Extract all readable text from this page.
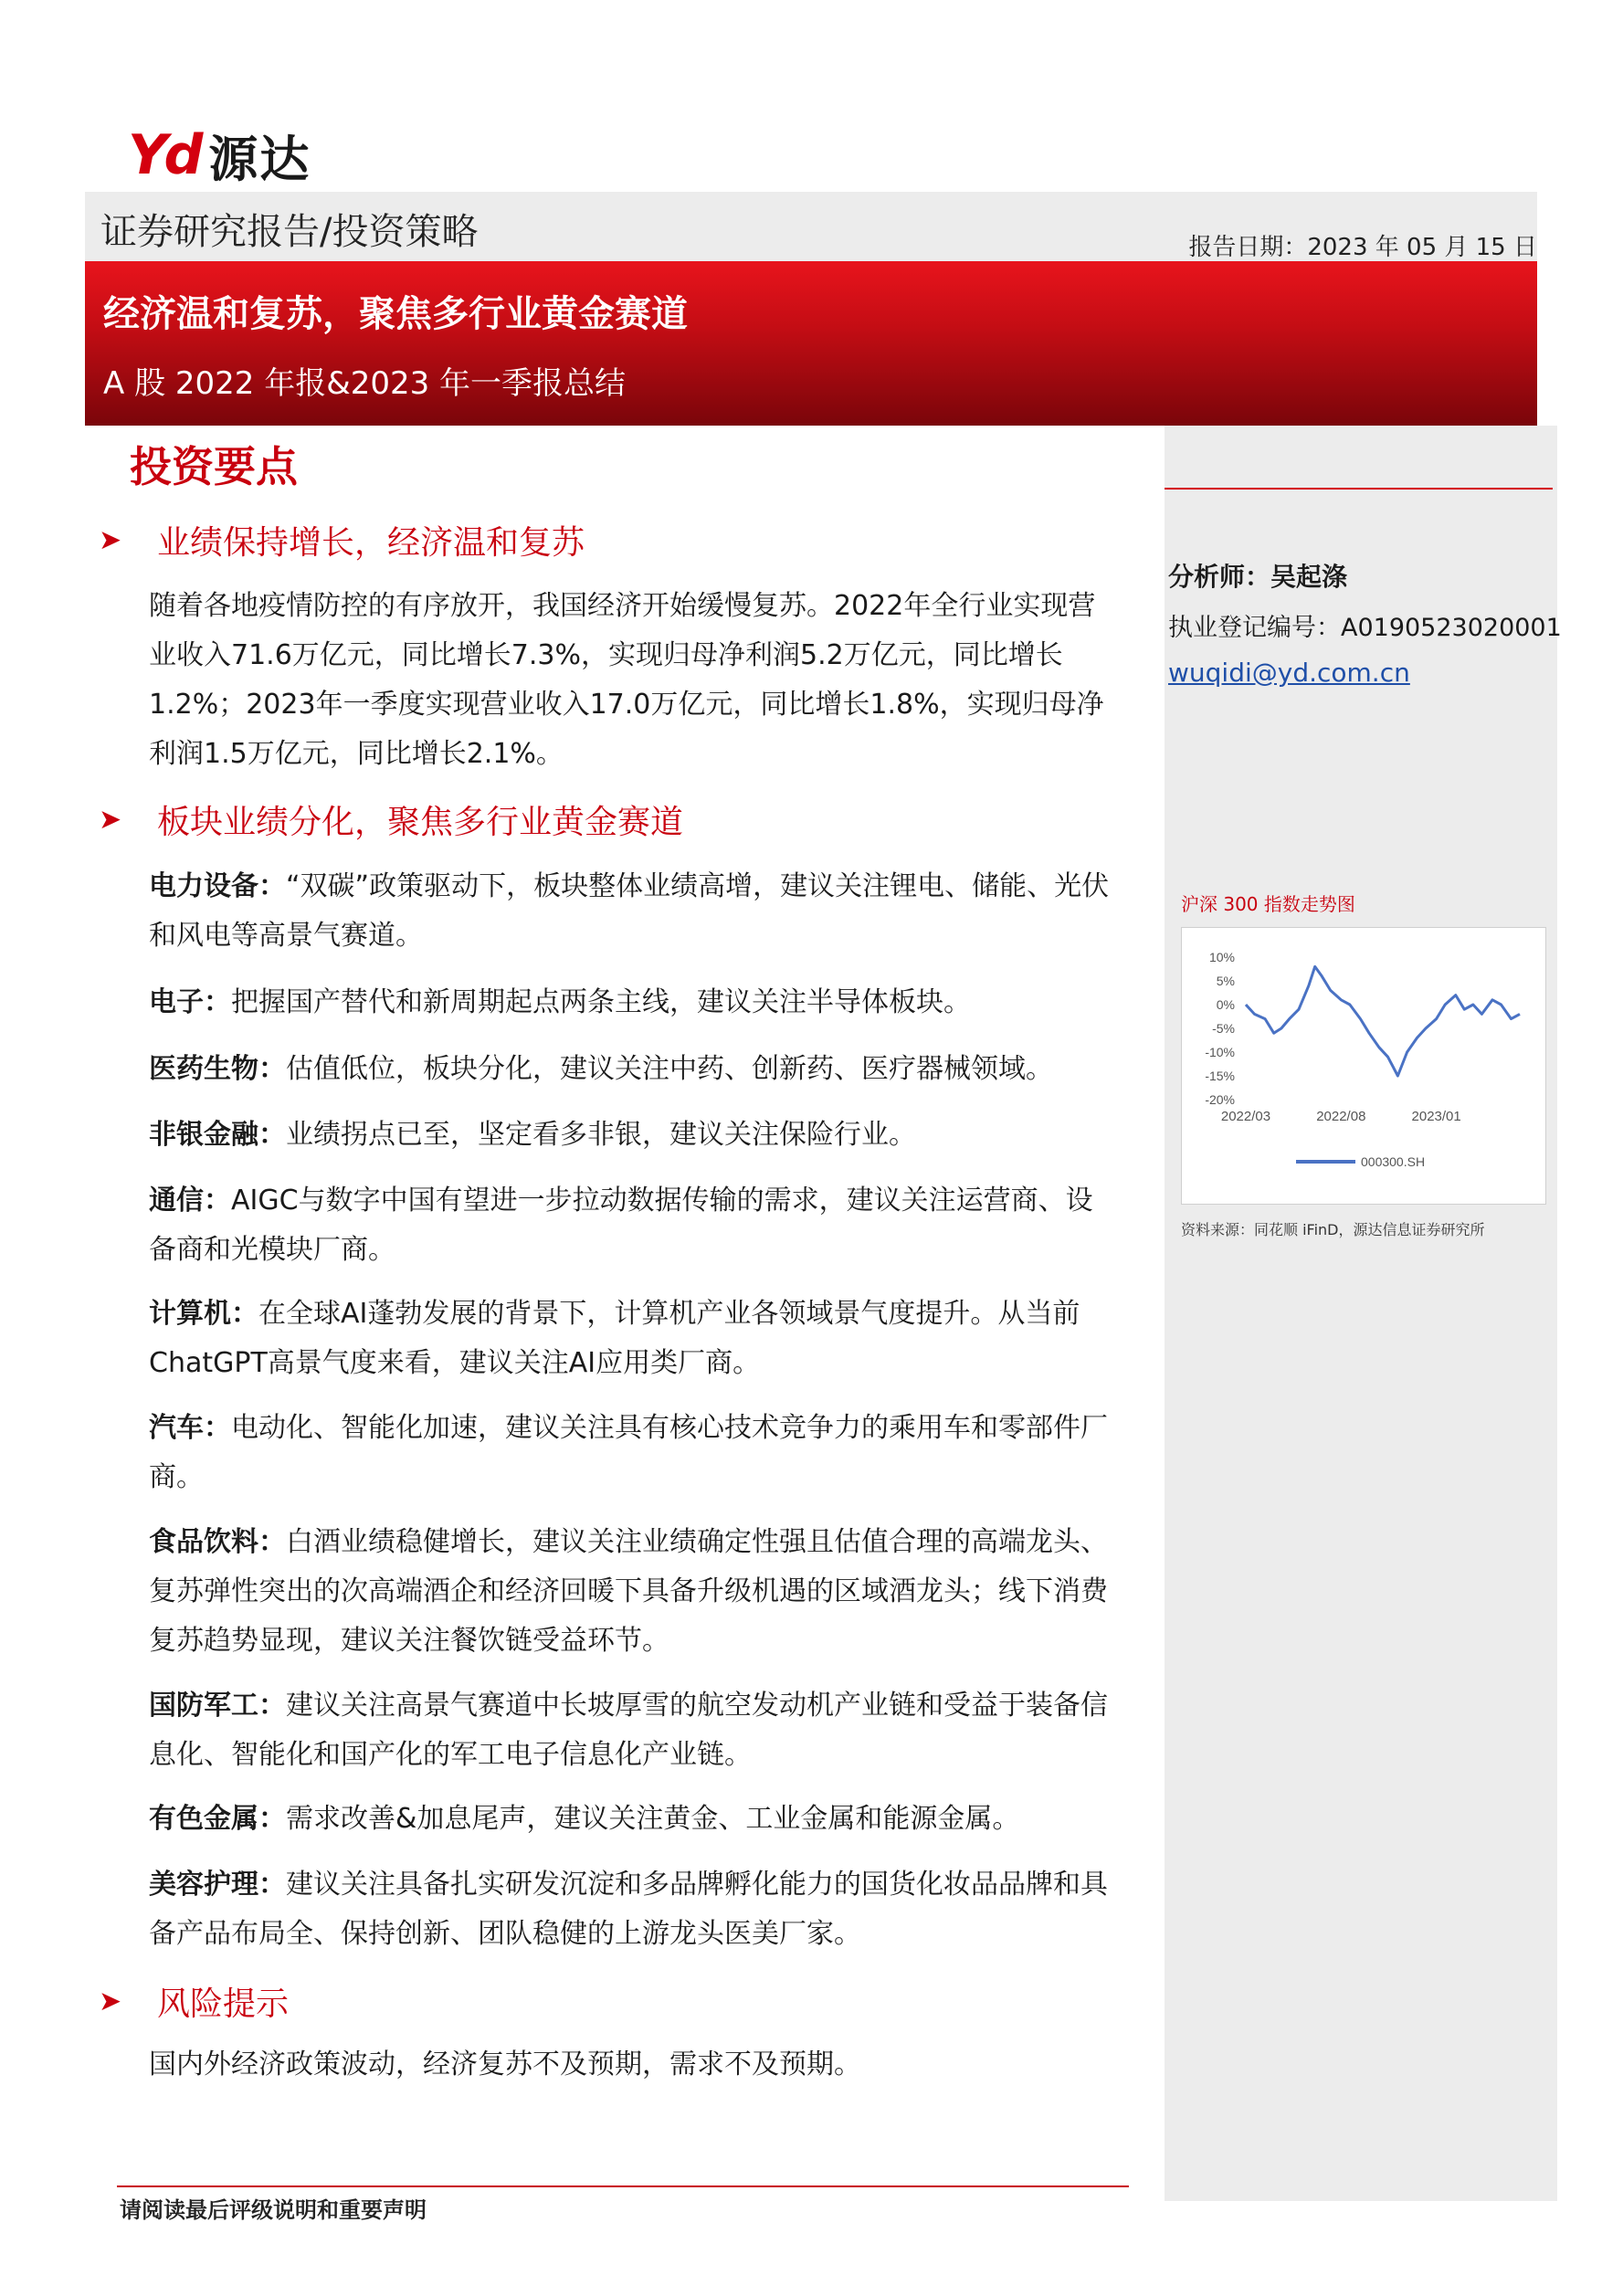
Yd 源达
证券研究报告/投资策略	报告日期：2023 年 05 月 15 日
经济温和复苏，聚焦多行业黄金赛道
A 股 2022 年报&2023 年一季报总结
投资要点
➤ 业绩保持增长，经济温和复苏
随着各地疫情防控的有序放开，我国经济开始缓慢复苏。2022年全行业实现营业收入71.6万亿元，同比增长7.3%，实现归母净利润5.2万亿元，同比增长1.2%；2023年一季度实现营业收入17.0万亿元，同比增长1.8%，实现归母净利润1.5万亿元，同比增长2.1%。
➤ 板块业绩分化，聚焦多行业黄金赛道
电力设备：“双碳”政策驱动下，板块整体业绩高增，建议关注锂电、储能、光伏和风电等高景气赛道。
电子：把握国产替代和新周期起点两条主线，建议关注半导体板块。
医药生物：估值低位，板块分化，建议关注中药、创新药、医疗器械领域。
非银金融：业绩拐点已至，坚定看多非银，建议关注保险行业。
通信：AIGC与数字中国有望进一步拉动数据传输的需求，建议关注运营商、设备商和光模块厂商。
计算机：在全球AI蓬勃发展的背景下，计算机产业各领域景气度提升。从当前ChatGPT高景气度来看，建议关注AI应用类厂商。
汽车：电动化、智能化加速，建议关注具有核心技术竞争力的乘用车和零部件厂商。
食品饮料：白酒业绩稳健增长，建议关注业绩确定性强且估值合理的高端龙头、复苏弹性突出的次高端酒企和经济回暖下具备升级机遇的区域酒龙头；线下消费复苏趋势显现，建议关注餐饮链受益环节。
国防军工：建议关注高景气赛道中长坡厚雪的航空发动机产业链和受益于装备信息化、智能化和国产化的军工电子信息化产业链。
有色金属：需求改善&加息尾声，建议关注黄金、工业金属和能源金属。
美容护理：建议关注具备扎实研发沉淀和多品牌孵化能力的国货化妆品品牌和具备产品布局全、保持创新、团队稳健的上游龙头医美厂家。
➤ 风险提示
国内外经济政策波动，经济复苏不及预期，需求不及预期。
分析师：吴起涤
执业登记编号：A0190523020001
wuqidi@yd.com.cn
沪深 300 指数走势图
10%
5%
0%
-5%
-10%
-15%
-20%
2022/03	2022/08	2023/01
000300.SH
资料来源：同花顺 iFinD，源达信息证券研究所
请阅读最后评级说明和重要声明
